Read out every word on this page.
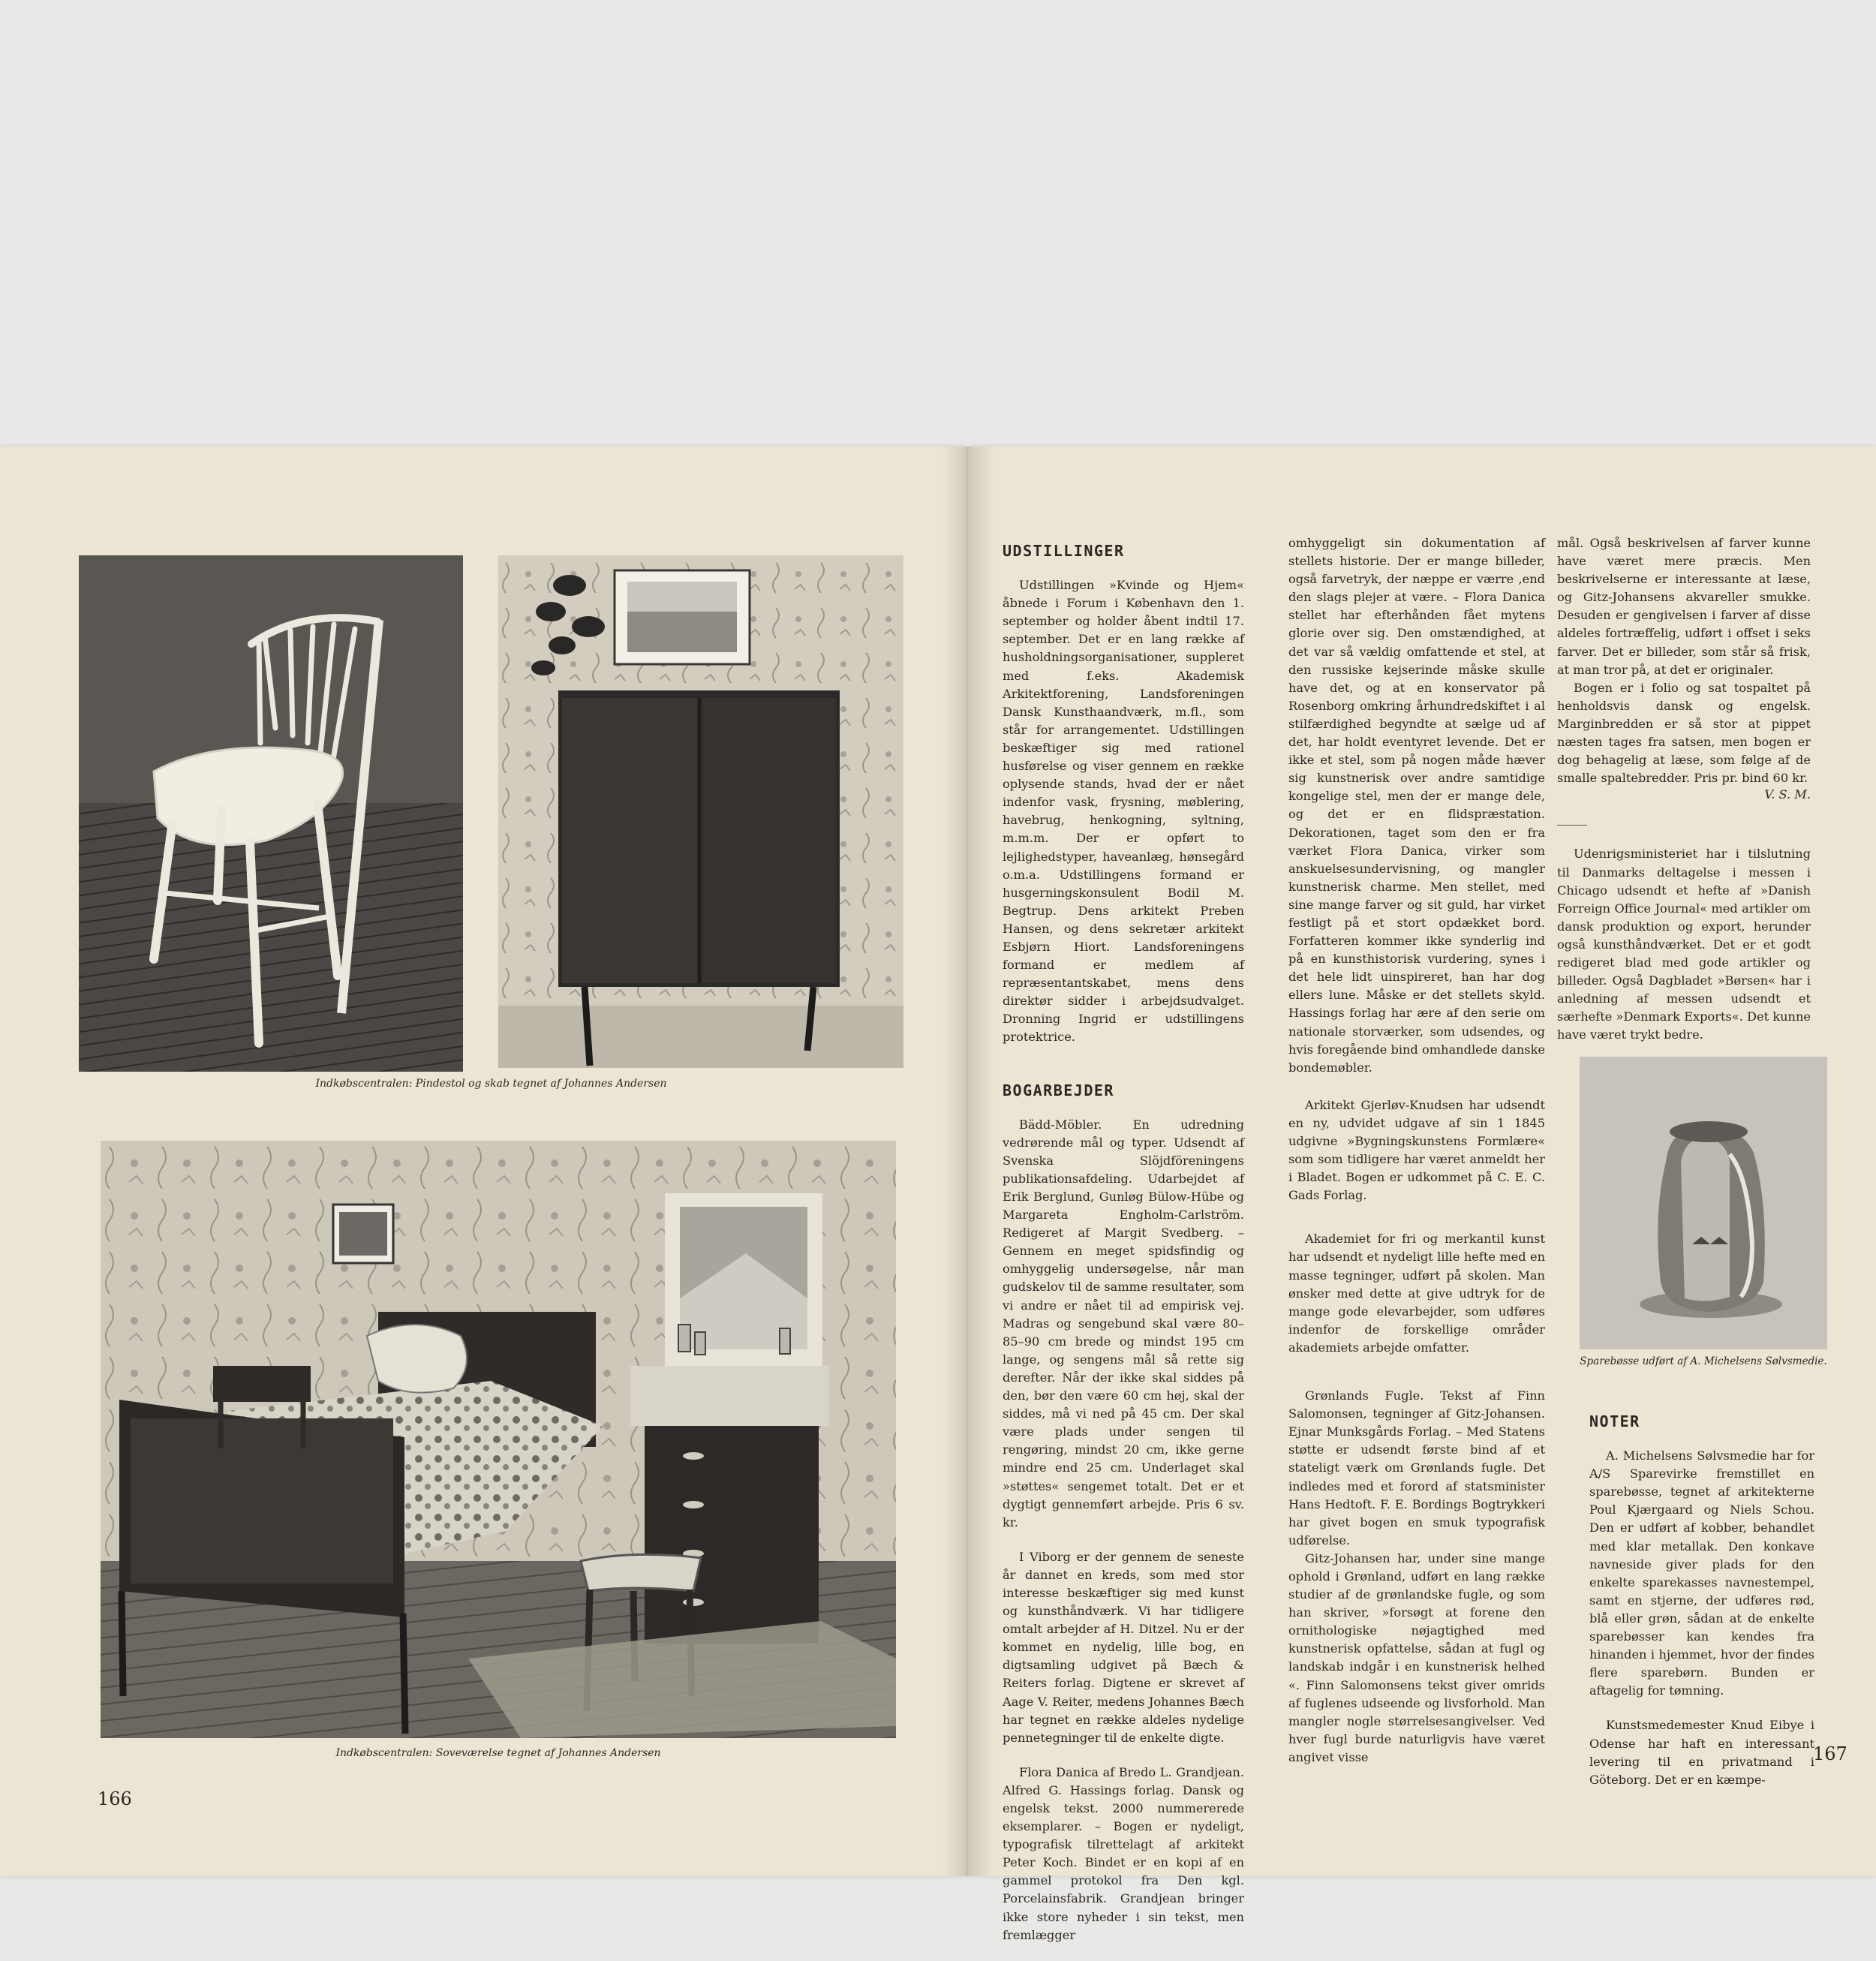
Indkøbscentralen: Pindestol og skab tegnet af Johannes Andersen
Indkøbscentralen: Soveværelse tegnet af Johannes Andersen
166

UDSTILLINGER

Udstillingen »Kvinde og Hjem« åbnede i Forum i København den 1. september og holder åbent indtil 17. september. Det er en lang række af husholdningsorganisationer, suppleret med f.eks. Akademisk Arkitektforening, Landsforeningen Dansk Kunsthaandværk, m.fl., som står for arrangementet. Udstillingen beskæftiger sig med rationel husførelse og viser gennem en række oplysende stands, hvad der er nået indenfor vask, frysning, møblering, havebrug, henkogning, syltning, m.m.m. Der er opført to lejlighedstyper, haveanlæg, hønsegård o.m.a. Udstillingens formand er husgerningskonsulent Bodil M. Begtrup. Dens arkitekt Preben Hansen, og dens sekretær arkitekt Esbjørn Hiort. Landsforeningens formand er medlem af repræsentantskabet, mens dens direktør sidder i arbejdsudvalget. Dronning Ingrid er udstillingens protektrice.

BOGARBEJDER

Bädd-Möbler. En udredning vedrørende mål og typer. Udsendt af Svenska Slöjdföreningens publikationsafdeling. Udarbejdet af Erik Berglund, Gunløg Bülow-Hübe og Margareta Engholm-Carlström. Redigeret af Margit Svedberg. – Gennem en meget spidsfindig og omhyggelig undersøgelse, når man gudskelov til de samme resultater, som vi andre er nået til ad empirisk vej. Madras og sengebund skal være 80–85–90 cm brede og mindst 195 cm lange, og sengens mål så rette sig derefter. Når der ikke skal siddes på den, bør den være 60 cm høj, skal der siddes, må vi ned på 45 cm. Der skal være plads under sengen til rengøring, mindst 20 cm, ikke gerne mindre end 25 cm. Underlaget skal »støttes« sengemet totalt. Det er et dygtigt gennemført arbejde. Pris 6 sv. kr.

I Viborg er der gennem de seneste år dannet en kreds, som med stor interesse beskæftiger sig med kunst og kunsthåndværk. Vi har tidligere omtalt arbejder af H. Ditzel. Nu er der kommet en nydelig, lille bog, en digtsamling udgivet på Bæch & Reiters forlag. Digtene er skrevet af Aage V. Reiter, medens Johannes Bæch har tegnet en række aldeles nydelige pennetegninger til de enkelte digte.

Flora Danica af Bredo L. Grandjean. Alfred G. Hassings forlag. Dansk og engelsk tekst. 2000 nummererede eksemplarer. – Bogen er nydeligt, typografisk tilrettelagt af arkitekt Peter Koch. Bindet er en kopi af en gammel protokol fra Den kgl. Porcelainsfabrik. Grandjean bringer ikke store nyheder i sin tekst, men fremlægger

omhyggeligt sin dokumentation af stellets historie. Der er mange billeder, også farvetryk, der næppe er værre ,end den slags plejer at være. – Flora Danica stellet har efterhånden fået mytens glorie over sig. Den omstændighed, at det var så vældig omfattende et stel, at den russiske kejserinde måske skulle have det, og at en konservator på Rosenborg omkring århundredskiftet i al stilfærdighed begyndte at sælge ud af det, har holdt eventyret levende. Det er ikke et stel, som på nogen måde hæver sig kunstnerisk over andre samtidige kongelige stel, men der er mange dele, og det er en flidspræstation. Dekorationen, taget som den er fra værket Flora Danica, virker som anskuelsesundervisning, og mangler kunstnerisk charme. Men stellet, med sine mange farver og sit guld, har virket festligt på et stort opdækket bord. Forfatteren kommer ikke synderlig ind på en kunsthistorisk vurdering, synes i det hele lidt uinspireret, han har dog ellers lune. Måske er det stellets skyld. Hassings forlag har ære af den serie om nationale storværker, som udsendes, og hvis foregående bind omhandlede danske bondemøbler.

Arkitekt Gjerløv-Knudsen har udsendt en ny, udvidet udgave af sin 1 1845 udgivne »Bygningskunstens Formlære« som som tidligere har været anmeldt her i Bladet. Bogen er udkommet på C. E. C. Gads Forlag.

Akademiet for fri og merkantil kunst har udsendt et nydeligt lille hefte med en masse tegninger, udført på skolen. Man ønsker med dette at give udtryk for de mange gode elevarbejder, som udføres indenfor de forskellige områder akademiets arbejde omfatter.

Grønlands Fugle. Tekst af Finn Salomonsen, tegninger af Gitz-Johansen. Ejnar Munksgårds Forlag. – Med Statens støtte er udsendt første bind af et stateligt værk om Grønlands fugle. Det indledes med et forord af statsminister Hans Hedtoft. F. E. Bordings Bogtrykkeri har givet bogen en smuk typografisk udførelse.

Gitz-Johansen har, under sine mange ophold i Grønland, udført en lang række studier af de grønlandske fugle, og som han skriver, »forsøgt at forene den ornithologiske nøjagtighed med kunstnerisk opfattelse, sådan at fugl og landskab indgår i en kunstnerisk helhed «. Finn Salomonsens tekst giver omrids af fuglenes udseende og livsforhold. Man mangler nogle størrelsesangivelser. Ved hver fugl burde naturligvis have været angivet visse

mål. Også beskrivelsen af farver kunne have været mere præcis. Men beskrivelserne er interessante at læse, og Gitz-Johansens akvareller smukke. Desuden er gengivelsen i farver af disse aldeles fortræffelig, udført i offset i seks farver. Det er billeder, som står så frisk, at man tror på, at det er originaler.

Bogen er i folio og sat tospaltet på henholdsvis dansk og engelsk. Marginbredden er så stor at pippet næsten tages fra satsen, men bogen er dog behagelig at læse, som følge af de smalle spaltebredder. Pris pr. bind 60 kr.

V. S. M.

Udenrigsministeriet har i tilslutning til Danmarks deltagelse i messen i Chicago udsendt et hefte af »Danish Forreign Office Journal« med artikler om dansk produktion og export, herunder også kunsthåndværket. Det er et godt redigeret blad med gode artikler og billeder. Også Dagbladet »Børsen« har i anledning af messen udsendt et særhefte »Denmark Exports«. Det kunne have været trykt bedre.

Sparebøsse udført af A. Michelsens Sølvsmedie.

NOTER

A. Michelsens Sølvsmedie har for A/S Sparevirke fremstillet en sparebøsse, tegnet af arkitekterne Poul Kjærgaard og Niels Schou. Den er udført af kobber, behandlet med klar metallak. Den konkave navneside giver plads for den enkelte sparekasses navnestempel, samt en stjerne, der udføres rød, blå eller grøn, sådan at de enkelte sparebøsser kan kendes fra hinanden i hjemmet, hvor der findes flere sparebørn. Bunden er aftagelig for tømning.

Kunstsmedemester Knud Eibye i Odense har haft en interessant levering til en privatmand i Göteborg. Det er en kæmpe-

167
